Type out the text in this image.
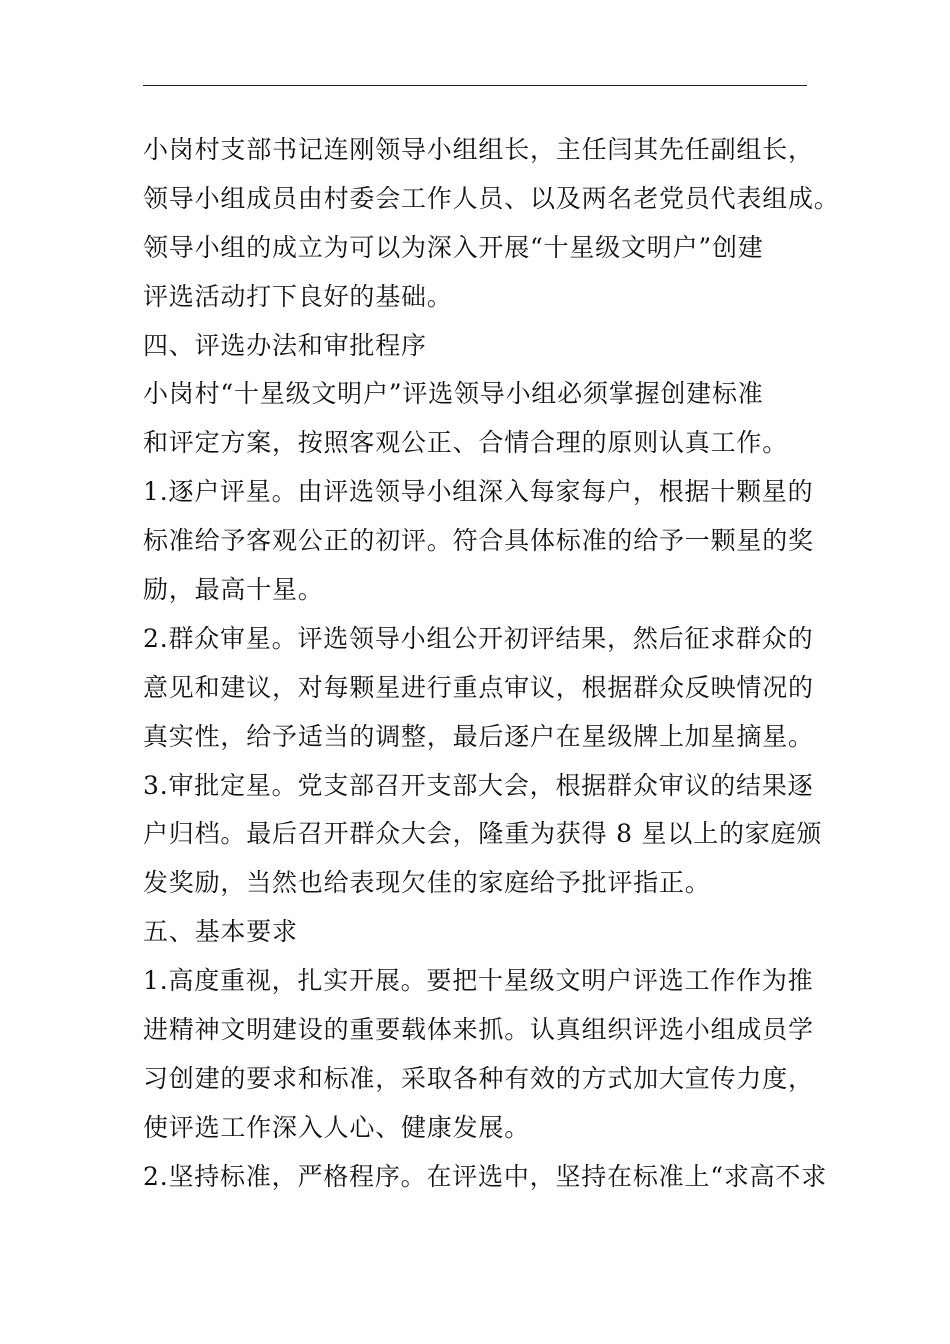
小岗村支部书记连刚领导小组组长，主任闫其先任副组长，
领导小组成员由村委会工作人员、以及两名老党员代表组成。
领导小组的成立为可以为深入开展“十星级文明户”创建
评选活动打下良好的基础。
四、评选办法和审批程序
小岗村“十星级文明户”评选领导小组必须掌握创建标准
和评定方案，按照客观公正、合情合理的原则认真工作。
1.逐户评星。由评选领导小组深入每家每户，根据十颗星的
标准给予客观公正的初评。符合具体标准的给予一颗星的奖
励，最高十星。
2.群众审星。评选领导小组公开初评结果，然后征求群众的
意见和建议，对每颗星进行重点审议，根据群众反映情况的
真实性，给予适当的调整，最后逐户在星级牌上加星摘星。
3.审批定星。党支部召开支部大会，根据群众审议的结果逐
户归档。最后召开群众大会，隆重为获得 8 星以上的家庭颁
发奖励，当然也给表现欠佳的家庭给予批评指正。
五、基本要求
1.高度重视，扎实开展。要把十星级文明户评选工作作为推
进精神文明建设的重要载体来抓。认真组织评选小组成员学
习创建的要求和标准，采取各种有效的方式加大宣传力度，
使评选工作深入人心、健康发展。
2.坚持标准，严格程序。在评选中，坚持在标准上“求高不求
